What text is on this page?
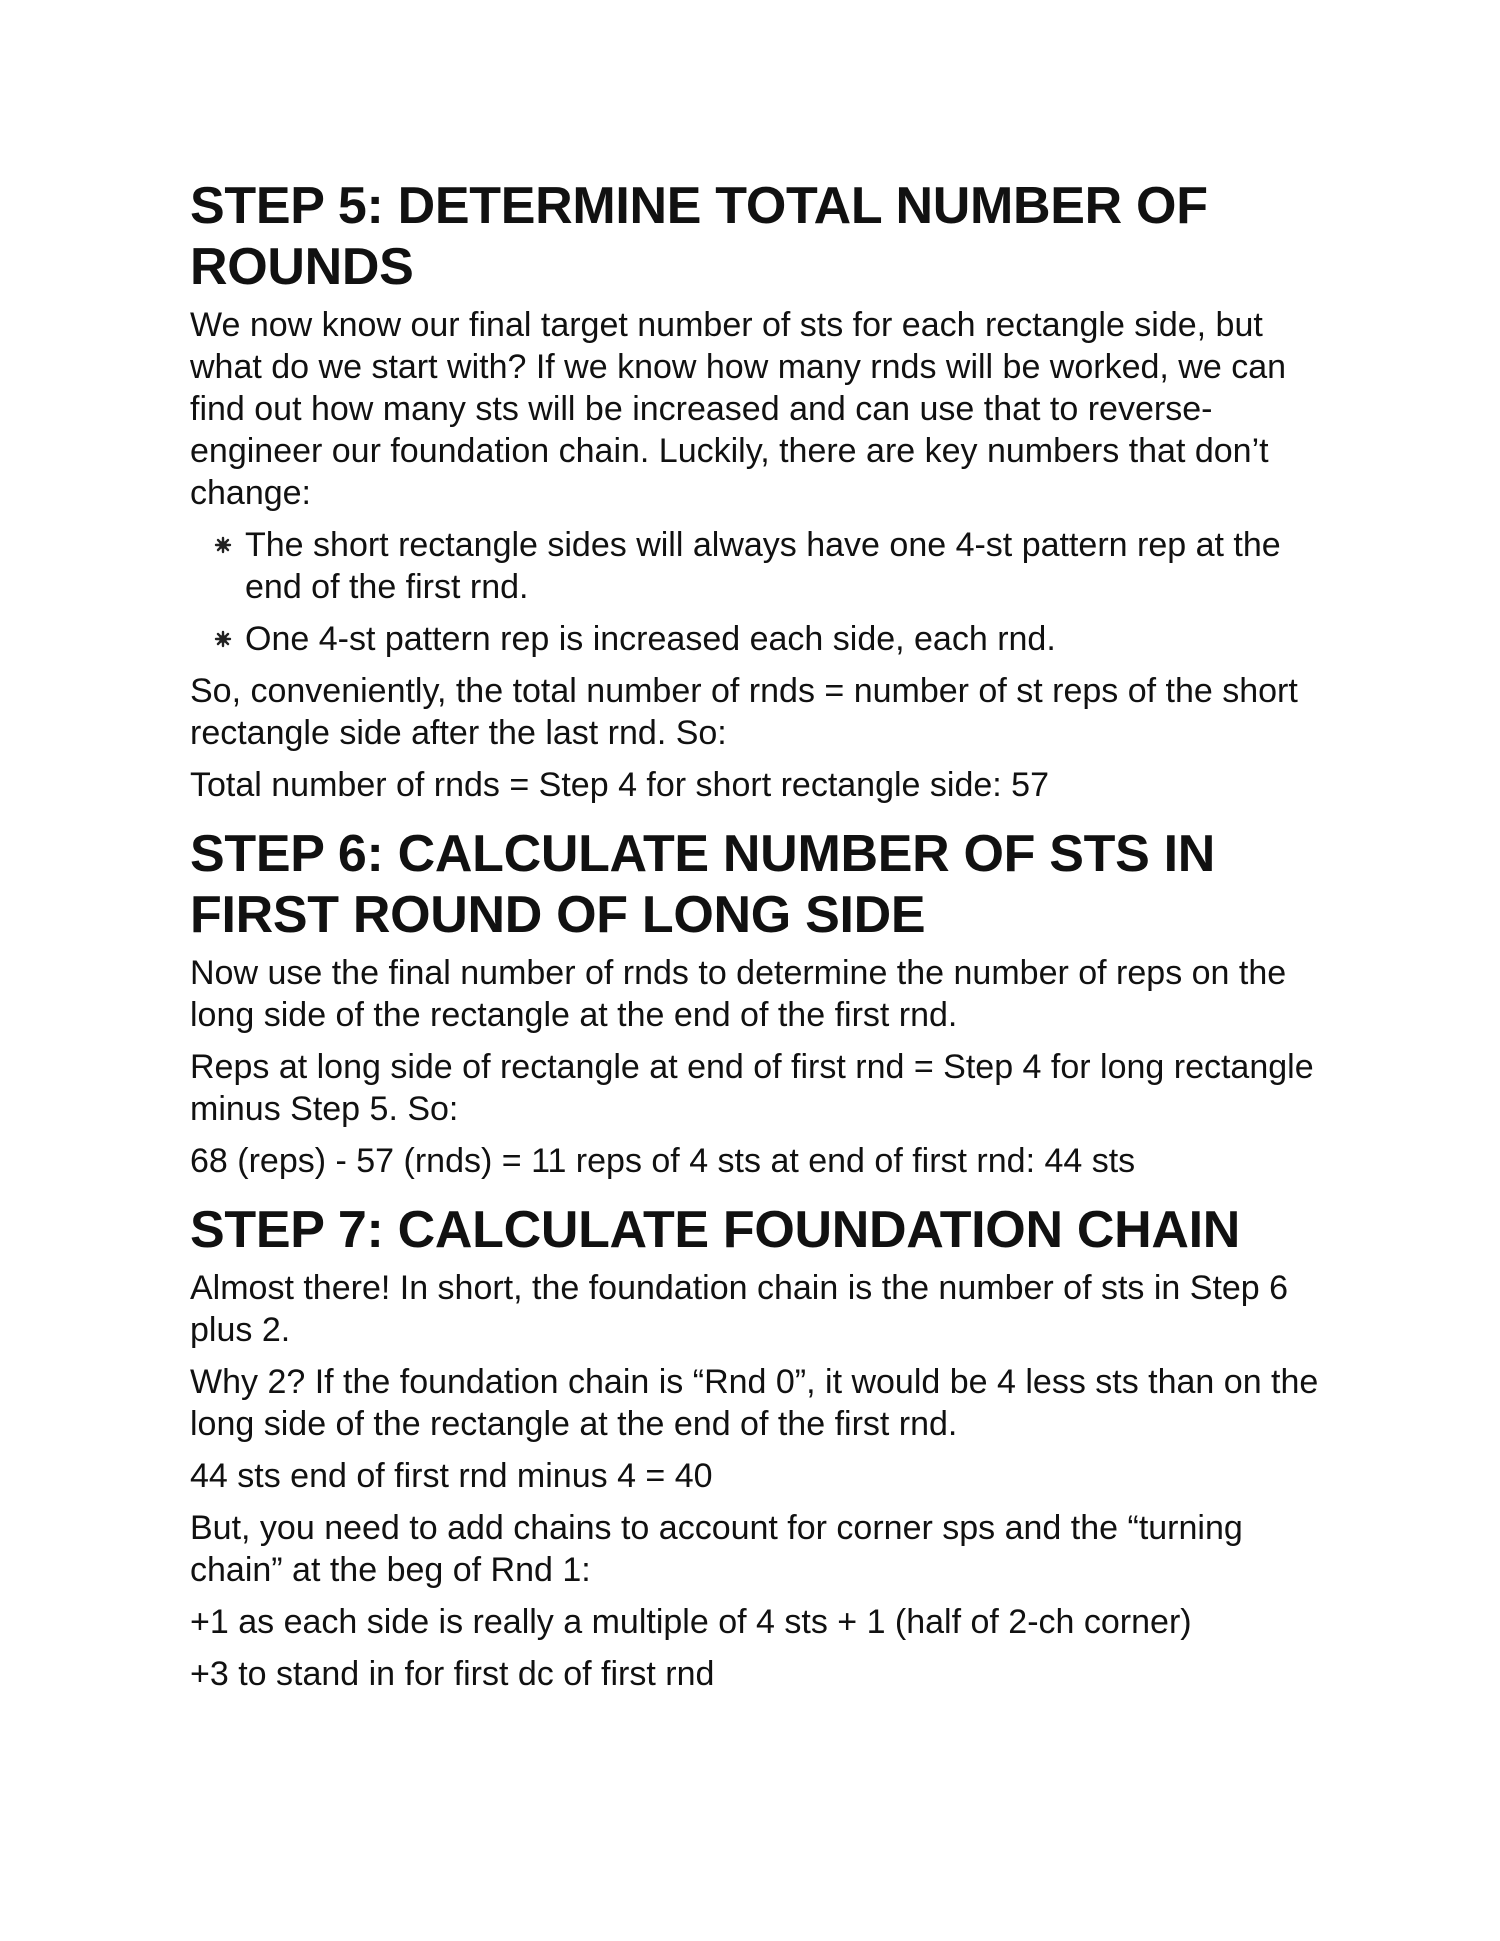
STEP 5: DETERMINE TOTAL NUMBER OF ROUNDS

We now know our final target number of sts for each rectangle side, but what do we start with? If we know how many rnds will be worked, we can find out how many sts will be increased and can use that to reverse-engineer our foundation chain. Luckily, there are key numbers that don’t change:

The short rectangle sides will always have one 4-st pattern rep at the end of the first rnd.
One 4-st pattern rep is increased each side, each rnd.

So, conveniently, the total number of rnds = number of st reps of the short rectangle side after the last rnd. So:

Total number of rnds = Step 4 for short rectangle side: 57

STEP 6: CALCULATE NUMBER OF STS IN FIRST ROUND OF LONG SIDE

Now use the final number of rnds to determine the number of reps on the long side of the rectangle at the end of the first rnd.

Reps at long side of rectangle at end of first rnd = Step 4 for long rectangle minus Step 5. So:

68 (reps) - 57 (rnds) = 11 reps of 4 sts at end of first rnd: 44 sts

STEP 7: CALCULATE FOUNDATION CHAIN

Almost there! In short, the foundation chain is the number of sts in Step 6 plus 2.

Why 2? If the foundation chain is “Rnd 0”, it would be 4 less sts than on the long side of the rectangle at the end of the first rnd.

44 sts end of first rnd minus 4 = 40

But, you need to add chains to account for corner sps and the “turning chain” at the beg of Rnd 1:

+1 as each side is really a multiple of 4 sts + 1 (half of 2-ch corner)

+3 to stand in for first dc of first rnd
